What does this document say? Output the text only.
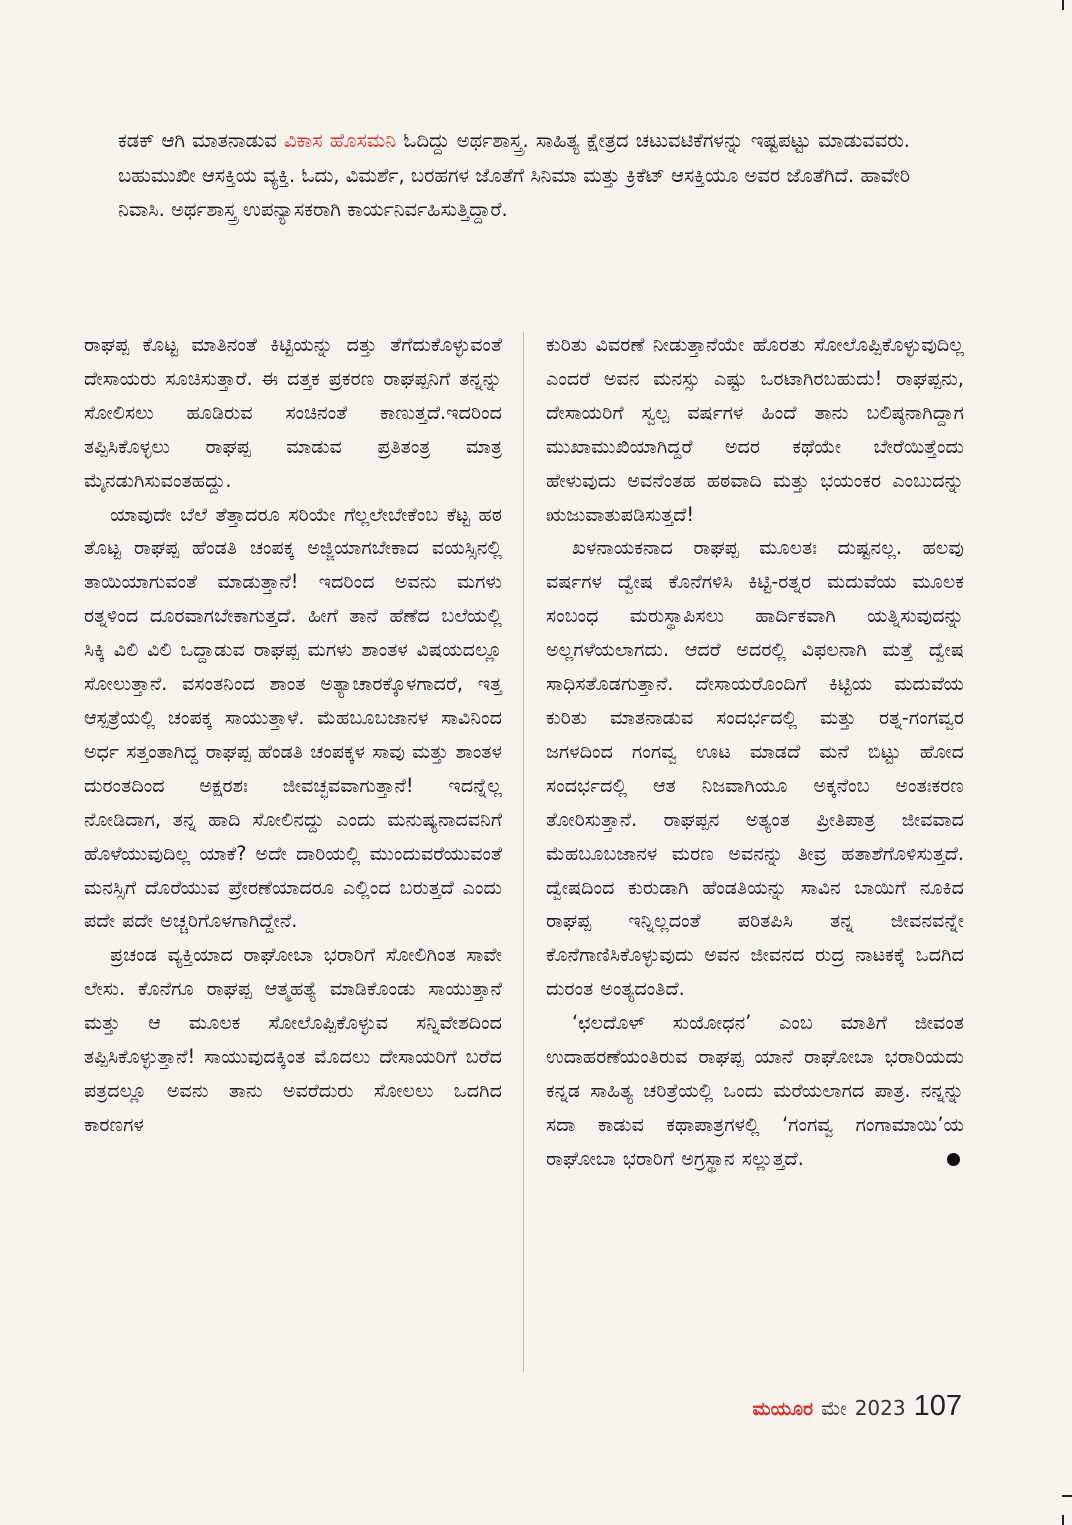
ಕಡಕ್ ಆಗಿ ಮಾತನಾಡುವ ವಿಕಾಸ ಹೊಸಮನಿ ಓದಿದ್ದು ಅರ್ಥಶಾಸ್ತ್ರ. ಸಾಹಿತ್ಯ ಕ್ಷೇತ್ರದ ಚಟುವಟಿಕೆಗಳನ್ನು ಇಷ್ಟಪಟ್ಟು ಮಾಡುವವರು. ಬಹುಮುಖೀ ಆಸಕ್ತಿಯ ವ್ಯಕ್ತಿ. ಓದು, ವಿಮರ್ಶೆ, ಬರಹಗಳ ಜೊತೆಗೆ ಸಿನಿಮಾ ಮತ್ತು ಕ್ರಿಕೆಟ್ ಆಸಕ್ತಿಯೂ ಅವರ ಜೊತೆಗಿದೆ. ಹಾವೇರಿ ನಿವಾಸಿ. ಅರ್ಥಶಾಸ್ತ್ರ ಉಪನ್ಯಾಸಕರಾಗಿ ಕಾರ್ಯನಿರ್ವಹಿಸುತ್ತಿದ್ದಾರೆ.

ರಾಘಪ್ಪ ಕೊಟ್ಟ ಮಾತಿನಂತೆ ಕಿಟ್ಟಿಯನ್ನು ದತ್ತು ತೆಗೆದುಕೊಳ್ಳುವಂತೆ ದೇಸಾಯರು ಸೂಚಿಸುತ್ತಾರೆ. ಈ ದತ್ತಕ ಪ್ರಕರಣ ರಾಘಪ್ಪನಿಗೆ ತನ್ನನ್ನು ಸೋಲಿಸಲು ಹೂಡಿರುವ ಸಂಚಿನಂತೆ ಕಾಣುತ್ತದೆ.ಇದರಿಂದ ತಪ್ಪಿಸಿಕೊಳ್ಳಲು ರಾಘಪ್ಪ ಮಾಡುವ ಪ್ರತಿತಂತ್ರ ಮಾತ್ರ ಮೈನಡುಗಿಸುವಂತಹದ್ದು.

ಯಾವುದೇ ಬೆಲೆ ತೆತ್ತಾದರೂ ಸರಿಯೇ ಗೆಲ್ಲಲೇಬೇಕೆಂಬ ಕೆಟ್ಟ ಹಠ ತೊಟ್ಟ ರಾಘಪ್ಪ ಹೆಂಡತಿ ಚಂಪಕ್ಕ ಅಜ್ಜಿಯಾಗಬೇಕಾದ ವಯಸ್ಸಿನಲ್ಲಿ ತಾಯಿಯಾಗುವಂತೆ ಮಾಡುತ್ತಾನೆ! ಇದರಿಂದ ಅವನು ಮಗಳು ರತ್ನಳಿಂದ ದೂರವಾಗಬೇಕಾಗುತ್ತದೆ. ಹೀಗೆ ತಾನೆ ಹೆಣೆದ ಬಲೆಯಲ್ಲಿ ಸಿಕ್ಕಿ ವಿಲಿ ವಿಲಿ ಒದ್ದಾಡುವ ರಾಘಪ್ಪ ಮಗಳು ಶಾಂತಳ ವಿಷಯದಲ್ಲೂ ಸೋಲುತ್ತಾನೆ. ವಸಂತನಿಂದ ಶಾಂತ ಅತ್ಯಾಚಾರಕ್ಕೊಳಗಾದರೆ, ಇತ್ತ ಆಸ್ಪತ್ರೆಯಲ್ಲಿ ಚಂಪಕ್ಕ ಸಾಯುತ್ತಾಳೆ. ಮೆಹಬೂಬಜಾನಳ ಸಾವಿನಿಂದ ಅರ್ಧ ಸತ್ತಂತಾಗಿದ್ದ ರಾಘಪ್ಪ ಹೆಂಡತಿ ಚಂಪಕ್ಕಳ ಸಾವು ಮತ್ತು ಶಾಂತಳ ದುರಂತದಿಂದ ಅಕ್ಷರಶಃ ಜೀವಚ್ಛವವಾಗುತ್ತಾನೆ! ಇದನ್ನೆಲ್ಲ ನೋಡಿದಾಗ, ತನ್ನ ಹಾದಿ ಸೋಲಿನದ್ದು ಎಂದು ಮನುಷ್ಯನಾದವನಿಗೆ ಹೊಳೆಯುವುದಿಲ್ಲ ಯಾಕೆ? ಅದೇ ದಾರಿಯಲ್ಲಿ ಮುಂದುವರೆಯುವಂತೆ ಮನಸ್ಸಿಗೆ ದೊರೆಯುವ ಪ್ರೇರಣೆಯಾದರೂ ಎಲ್ಲಿಂದ ಬರುತ್ತದೆ ಎಂದು ಪದೇ ಪದೇ ಅಚ್ಚರಿಗೊಳಗಾಗಿದ್ದೇನೆ.

ಪ್ರಚಂಡ ವ್ಯಕ್ತಿಯಾದ ರಾಘೋಬಾ ಭರಾರಿಗೆ ಸೋಲಿಗಿಂತ ಸಾವೇ ಲೇಸು. ಕೊನೆಗೂ ರಾಘಪ್ಪ ಆತ್ಮಹತ್ಯೆ ಮಾಡಿಕೊಂಡು ಸಾಯುತ್ತಾನೆ ಮತ್ತು ಆ ಮೂಲಕ ಸೋಲೊಪ್ಪಿಕೊಳ್ಳುವ ಸನ್ನಿವೇಶದಿಂದ ತಪ್ಪಿಸಿಕೊಳ್ಳುತ್ತಾನೆ! ಸಾಯುವುದಕ್ಕಿಂತ ಮೊದಲು ದೇಸಾಯರಿಗೆ ಬರೆದ ಪತ್ರದಲ್ಲೂ ಅವನು ತಾನು ಅವರೆದುರು ಸೋಲಲು ಒದಗಿದ ಕಾರಣಗಳ

ಕುರಿತು ವಿವರಣೆ ನೀಡುತ್ತಾನೆಯೇ ಹೊರತು ಸೋಲೊಪ್ಪಿಕೊಳ್ಳುವುದಿಲ್ಲ ಎಂದರೆ ಅವನ ಮನಸ್ಸು ಎಷ್ಟು ಒರಟಾಗಿರಬಹುದು! ರಾಘಪ್ಪನು, ದೇಸಾಯರಿಗೆ ಸ್ವಲ್ಪ ವರ್ಷಗಳ ಹಿಂದೆ ತಾನು ಬಲಿಷ್ಠನಾಗಿದ್ದಾಗ ಮುಖಾಮುಖಿಯಾಗಿದ್ದರೆ ಅದರ ಕಥೆಯೇ ಬೇರೆಯಿತ್ತೆಂದು ಹೇಳುವುದು ಅವನೆಂತಹ ಹಠವಾದಿ ಮತ್ತು ಭಯಂಕರ ಎಂಬುದನ್ನು ಋಜುವಾತುಪಡಿಸುತ್ತದೆ!

ಖಳನಾಯಕನಾದ ರಾಘಪ್ಪ ಮೂಲತಃ ದುಷ್ಟನಲ್ಲ. ಹಲವು ವರ್ಷಗಳ ದ್ವೇಷ ಕೊನೆಗಳಿಸಿ ಕಿಟ್ಟಿ-ರತ್ನರ ಮದುವೆಯ ಮೂಲಕ ಸಂಬಂಧ ಮರುಸ್ಥಾಪಿಸಲು ಹಾರ್ದಿಕವಾಗಿ ಯತ್ನಿಸುವುದನ್ನು ಅಲ್ಲಗಳೆಯಲಾಗದು. ಆದರೆ ಅದರಲ್ಲಿ ವಿಫಲನಾಗಿ ಮತ್ತೆ ದ್ವೇಷ ಸಾಧಿಸತೊಡಗುತ್ತಾನೆ. ದೇಸಾಯರೊಂದಿಗೆ ಕಿಟ್ಟಿಯ ಮದುವೆಯ ಕುರಿತು ಮಾತನಾಡುವ ಸಂದರ್ಭದಲ್ಲಿ ಮತ್ತು ರತ್ನ-ಗಂಗವ್ವರ ಜಗಳದಿಂದ ಗಂಗವ್ವ ಊಟ ಮಾಡದೆ ಮನೆ ಬಿಟ್ಟು ಹೋದ ಸಂದರ್ಭದಲ್ಲಿ ಆತ ನಿಜವಾಗಿಯೂ ಅಕ್ಕನೆಂಬ ಅಂತಃಕರಣ ತೋರಿಸುತ್ತಾನೆ. ರಾಘಪ್ಪನ ಅತ್ಯಂತ ಪ್ರೀತಿಪಾತ್ರ ಜೀವವಾದ ಮೆಹಬೂಬಜಾನಳ ಮರಣ ಅವನನ್ನು ತೀವ್ರ ಹತಾಶೆಗೊಳಿಸುತ್ತದೆ. ದ್ವೇಷದಿಂದ ಕುರುಡಾಗಿ ಹೆಂಡತಿಯನ್ನು ಸಾವಿನ ಬಾಯಿಗೆ ನೂಕಿದ ರಾಘಪ್ಪ ಇನ್ನಿಲ್ಲದಂತೆ ಪರಿತಪಿಸಿ ತನ್ನ ಜೀವನವನ್ನೇ ಕೊನೆಗಾಣಿಸಿಕೊಳ್ಳುವುದು ಅವನ ಜೀವನದ ರುದ್ರ ನಾಟಕಕ್ಕೆ ಒದಗಿದ ದುರಂತ ಅಂತ್ಯದಂತಿದೆ.

‘ಛಲದೊಳ್ ಸುಯೋಧನ’ ಎಂಬ ಮಾತಿಗೆ ಜೀವಂತ ಉದಾಹರಣೆಯಂತಿರುವ ರಾಘಪ್ಪ ಯಾನೆ ರಾಘೋಬಾ ಭರಾರಿಯದು ಕನ್ನಡ ಸಾಹಿತ್ಯ ಚರಿತ್ರೆಯಲ್ಲಿ ಒಂದು ಮರೆಯಲಾಗದ ಪಾತ್ರ. ನನ್ನನ್ನು ಸದಾ ಕಾಡುವ ಕಥಾಪಾತ್ರಗಳಲ್ಲಿ ‘ಗಂಗವ್ವ ಗಂಗಾಮಾಯಿ’ಯ ರಾಘೋಬಾ ಭರಾರಿಗೆ ಅಗ್ರಸ್ಥಾನ ಸಲ್ಲುತ್ತದೆ.

ಮಯೂರ ಮೇ 2023 107
